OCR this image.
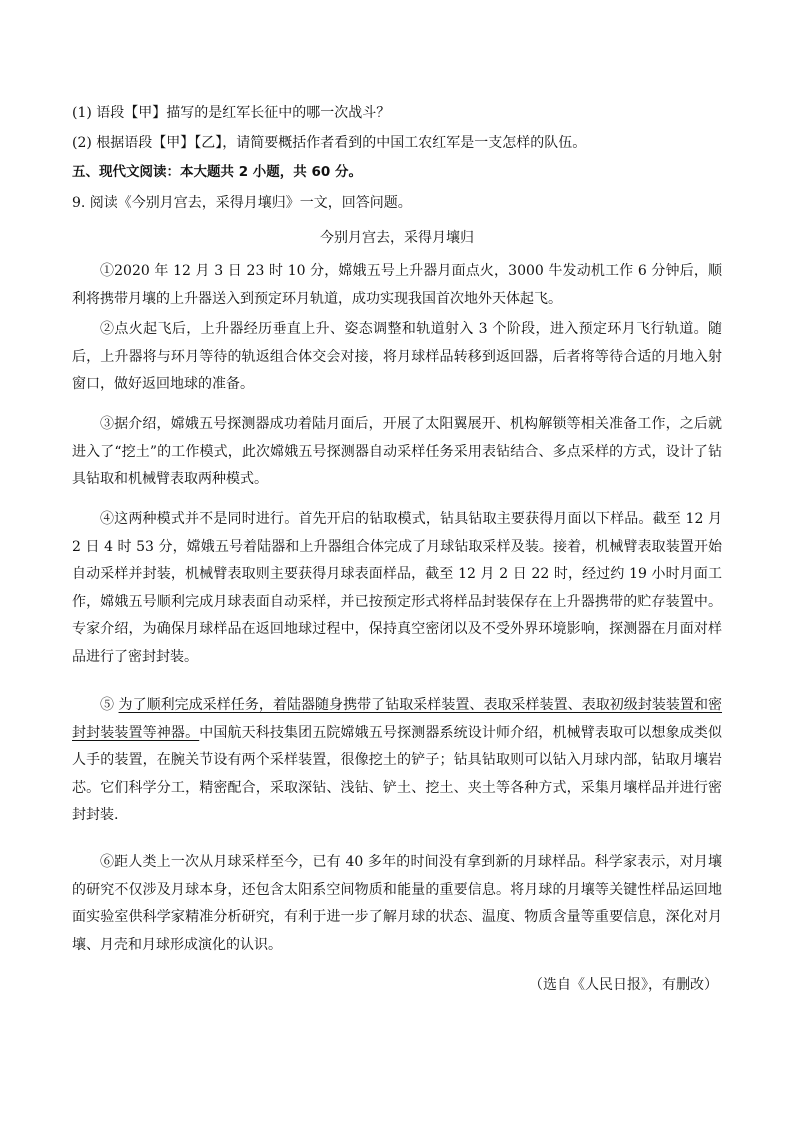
(1) 语段【甲】描写的是红军长征中的哪一次战斗？
(2) 根据语段【甲】【乙】，请简要概括作者看到的中国工农红军是一支怎样的队伍。
五、现代文阅读：本大题共 2 小题，共 60 分。
9. 阅读《今别月宫去，采得月壤归》一文，回答问题。
今别月宫去，采得月壤归

①2020 年 12 月 3 日 23 时 10 分，嫦娥五号上升器月面点火，3000 牛发动机工作 6 分钟后，顺利将携带月壤的上升器送入到预定环月轨道，成功实现我国首次地外天体起飞。

②点火起飞后，上升器经历垂直上升、姿态调整和轨道射入 3 个阶段，进入预定环月飞行轨道。随后，上升器将与环月等待的轨返组合体交会对接，将月球样品转移到返回器，后者将等待合适的月地入射窗口，做好返回地球的准备。

③据介绍，嫦娥五号探测器成功着陆月面后，开展了太阳翼展开、机构解锁等相关准备工作，之后就进入了“挖土”的工作模式，此次嫦娥五号探测器自动采样任务采用表钻结合、多点采样的方式，设计了钻具钻取和机械臂表取两种模式。

④这两种模式并不是同时进行。首先开启的钻取模式，钻具钻取主要获得月面以下样品。截至 12 月 2 日 4 时 53 分，嫦娥五号着陆器和上升器组合体完成了月球钻取采样及装。接着，机械臂表取装置开始自动采样并封装，机械臂表取则主要获得月球表面样品，截至 12 月 2 日 22 时，经过约 19 小时月面工作，嫦娥五号顺利完成月球表面自动采样，并已按预定形式将样品封装保存在上升器携带的贮存装置中。专家介绍，为确保月球样品在返回地球过程中，保持真空密闭以及不受外界环境影响，探测器在月面对样品进行了密封封装。

⑤ 为了顺利完成采样任务，着陆器随身携带了钻取采样装置、表取采样装置、表取初级封装装置和密封封装装置等神器。中国航天科技集团五院嫦娥五号探测器系统设计师介绍，机械臂表取可以想象成类似人手的装置，在腕关节设有两个采样装置，很像挖土的铲子；钻具钻取则可以钻入月球内部，钻取月壤岩芯。它们科学分工，精密配合，采取深钻、浅钻、铲土、挖土、夹土等各种方式，采集月壤样品并进行密封封装.

⑥距人类上一次从月球采样至今，已有 40 多年的时间没有拿到新的月球样品。科学家表示，对月壤的研究不仅涉及月球本身，还包含太阳系空间物质和能量的重要信息。将月球的月壤等关键性样品运回地面实验室供科学家精准分析研究，有利于进一步了解月球的状态、温度、物质含量等重要信息，深化对月壤、月壳和月球形成演化的认识。

（选自《人民日报》，有删改）
